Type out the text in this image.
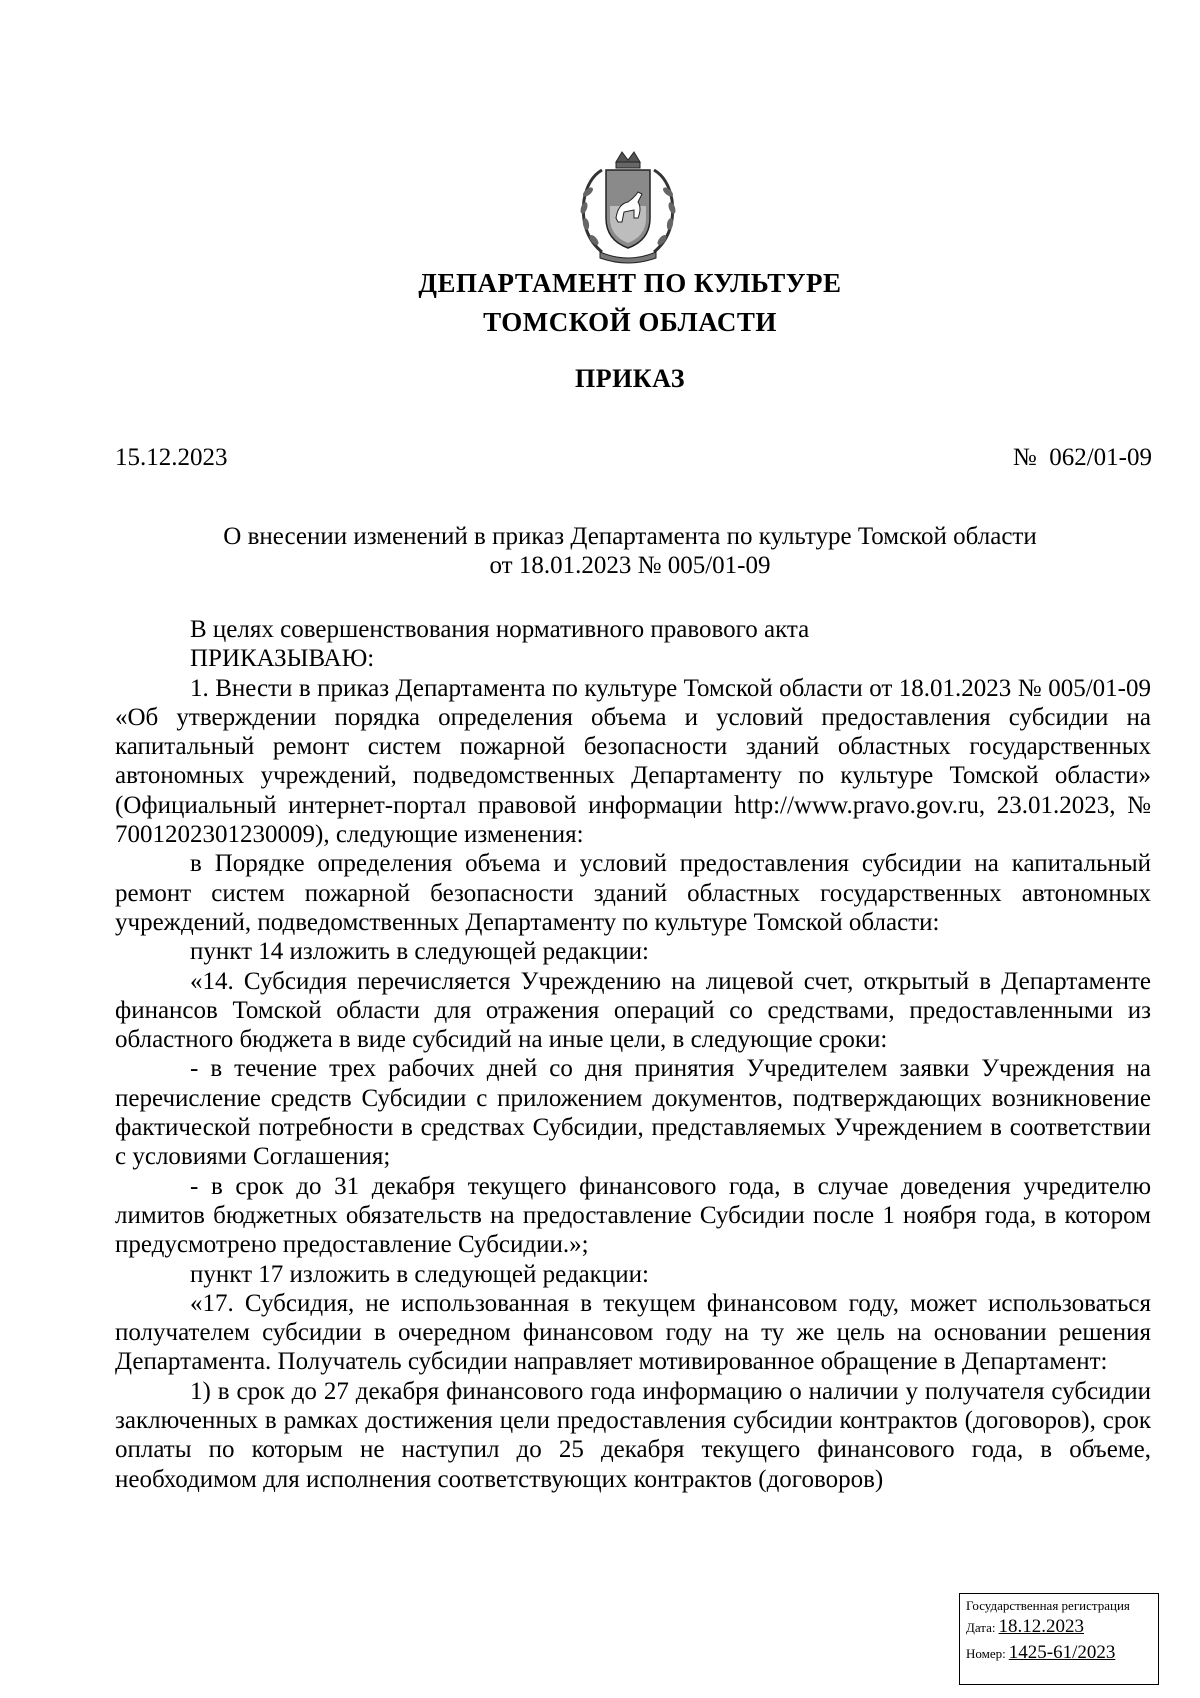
ДЕПАРТАМЕНТ ПО КУЛЬТУРЕ
ТОМСКОЙ ОБЛАСТИ
ПРИКАЗ
15.12.2023	№  062/01-09
О внесении изменений в приказ Департамента по культуре Томской области
от 18.01.2023 № 005/01-09

В целях совершенствования нормативного правового акта

ПРИКАЗЫВАЮ:

1. Внести в приказ Департамента по культуре Томской области от 18.01.2023 № 005/01-09 «Об утверждении порядка определения объема и условий предоставления субсидии на капитальный ремонт систем пожарной безопасности зданий областных государственных автономных учреждений, подведомственных Департаменту по культуре Томской области» (Официальный интернет-портал правовой информации http://www.pravo.gov.ru, 23.01.2023, № 7001202301230009), следующие изменения:

в Порядке определения объема и условий предоставления субсидии на капитальный ремонт систем пожарной безопасности зданий областных государственных автономных учреждений, подведомственных Департаменту по культуре Томской области:

пункт 14 изложить в следующей редакции:

«14. Субсидия перечисляется Учреждению на лицевой счет, открытый в Департаменте финансов Томской области для отражения операций со средствами, предоставленными из областного бюджета в виде субсидий на иные цели, в следующие сроки:

- в течение трех рабочих дней со дня принятия Учредителем заявки Учреждения на перечисление средств Субсидии с приложением документов, подтверждающих возникновение фактической потребности в средствах Субсидии, представляемых Учреждением в соответствии с условиями Соглашения;

- в срок до 31 декабря текущего финансового года, в случае доведения учредителю лимитов бюджетных обязательств на предоставление Субсидии после 1 ноября года, в котором предусмотрено предоставление Субсидии.»;

пункт 17 изложить в следующей редакции:

«17. Субсидия, не использованная в текущем финансовом году, может использоваться получателем субсидии в очередном финансовом году на ту же цель на основании решения Департамента. Получатель субсидии направляет мотивированное обращение в Департамент:

1) в срок до 27 декабря финансового года информацию о наличии у получателя субсидии заключенных в рамках достижения цели предоставления субсидии контрактов (договоров), срок оплаты по которым не наступил до 25 декабря текущего финансового года, в объеме, необходимом для исполнения соответствующих контрактов (договоров)

Государственная регистрация
Дата: 18.12.2023
Номер: 1425-61/2023
